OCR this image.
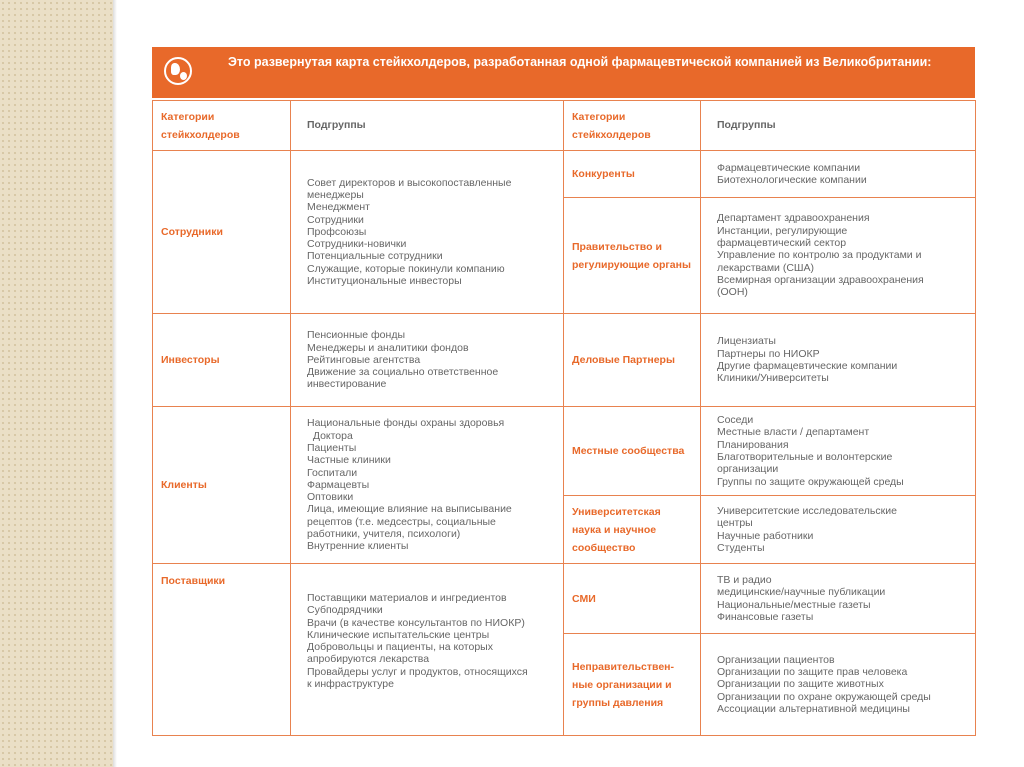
Это развернутая карта стейкхолдеров, разработанная одной фармацевтической компанией из Великобритании:
Категории стейкхолдеров
Подгруппы
Сотрудники
Совет директоров и высокопоставленные
менеджеры
Менеджмент
Сотрудники
Профсоюзы
Сотрудники-новички
Потенциальные сотрудники
Служащие, которые покинули компанию
Институциональные инвесторы
Инвесторы
Пенсионные фонды
Менеджеры и аналитики фондов
Рейтинговые агентства
Движение за социально ответственное
инвестирование
Клиенты
Национальные фонды охраны здоровья
Доктора
Пациенты
Частные клиники
Госпитали
Фармацевты
Оптовики
Лица, имеющие влияние на выписывание
рецептов (т.е. медсестры, социальные
работники, учителя, психологи)
Внутренние клиенты
Поставщики
Поставщики материалов и ингредиентов
Субподрядчики
Врачи (в качестве консультантов по НИОКР)
Клинические испытательские центры
Добровольцы и пациенты, на которых
апробируются лекарства
Провайдеры услуг и продуктов, относящихся
к инфраструктуре
Категории стейкхолдеров
Подгруппы
Конкуренты
Фармацевтические компании
Биотехнологические компании
Правительство и регулирующие органы
Департамент здравоохранения
Инстанции, регулирующие
фармацевтический сектор
Управление по контролю за продуктами и
лекарствами (США)
Всемирная организации здравоохранения
(ООН)
Деловые Партнеры
Лицензиаты
Партнеры по НИОКР
Другие фармацевтические компании
Клиники/Университеты
Местные сообщества
Соседи
Местные власти / департамент
Планирования
Благотворительные и волонтерские
организации
Группы по защите окружающей среды
Университетская наука и научное сообщество
Университетские исследовательские
центры
Научные работники
Студенты
СМИ
ТВ и радио
медицинские/научные публикации
Национальные/местные газеты
Финансовые газеты
Неправительствен-ные организации и группы давления
Организации пациентов
Организации по защите прав человека
Организации по защите животных
Организации по охране окружающей среды
Ассоциации альтернативной медицины
